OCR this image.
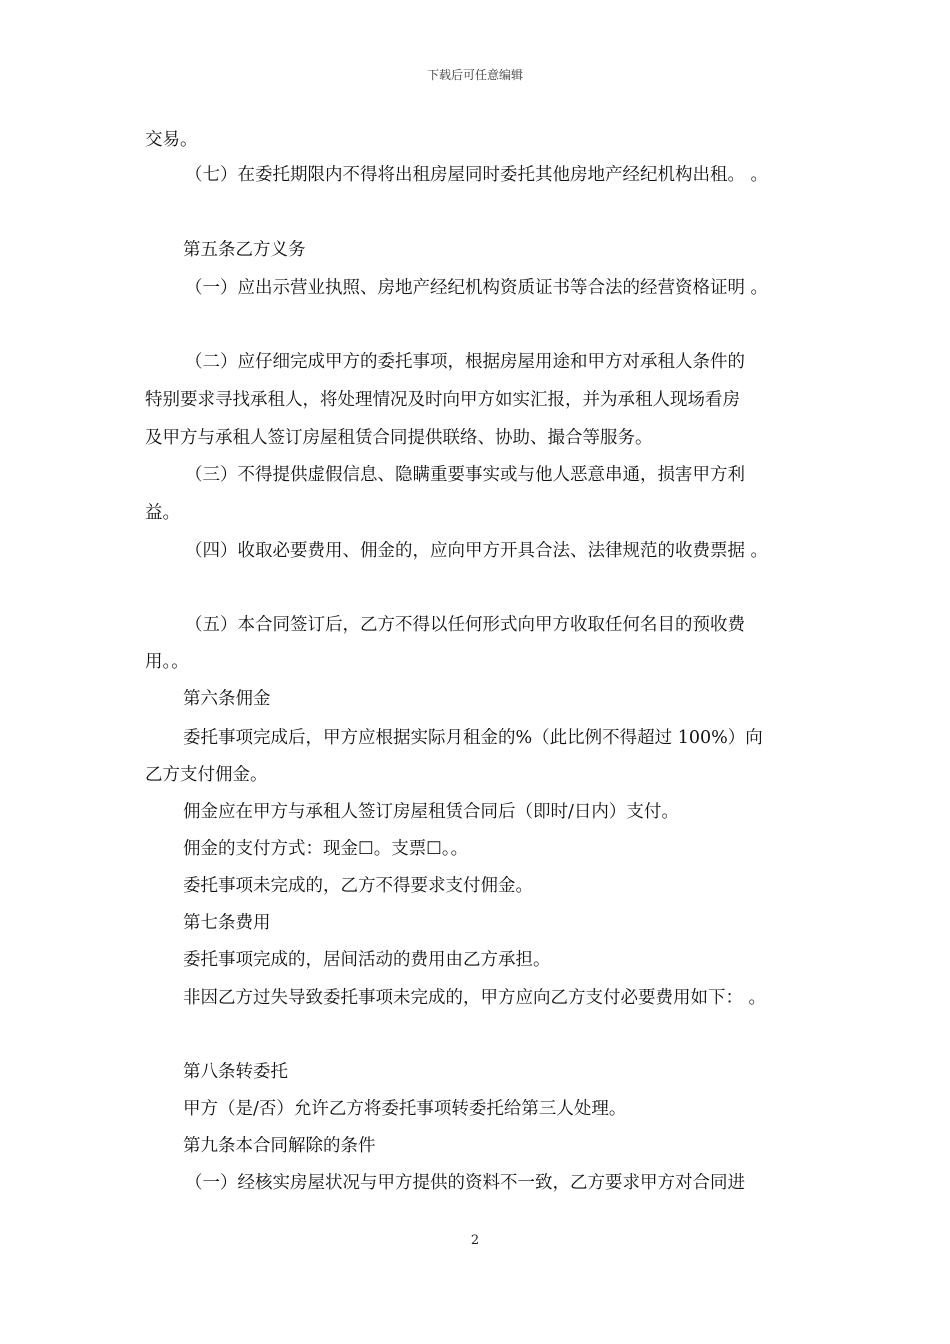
下载后可任意编辑
交易。
（七）在委托期限内不得将出租房屋同时委托其他房地产经纪机构出租。 。
第五条乙方义务
（一）应出示营业执照、房地产经纪机构资质证书等合法的经营资格证明 。
（二）应仔细完成甲方的委托事项，根据房屋用途和甲方对承租人条件的
特别要求寻找承租人，将处理情况及时向甲方如实汇报，并为承租人现场看房
及甲方与承租人签订房屋租赁合同提供联络、协助、撮合等服务。
（三）不得提供虚假信息、隐瞒重要事实或与他人恶意串通，损害甲方利
益。
（四）收取必要费用、佣金的，应向甲方开具合法、法律规范的收费票据 。
（五）本合同签订后，乙方不得以任何形式向甲方收取任何名目的预收费
用。。
第六条佣金
委托事项完成后，甲方应根据实际月租金的%（此比例不得超过 100%）向
乙方支付佣金。
佣金应在甲方与承租人签订房屋租赁合同后（即时/日内）支付。
佣金的支付方式：现金☐。支票☐。。
委托事项未完成的，乙方不得要求支付佣金。
第七条费用
委托事项完成的，居间活动的费用由乙方承担。
非因乙方过失导致委托事项未完成的，甲方应向乙方支付必要费用如下： 。
第八条转委托
甲方（是/否）允许乙方将委托事项转委托给第三人处理。
第九条本合同解除的条件
（一）经核实房屋状况与甲方提供的资料不一致，乙方要求甲方对合同进
2
